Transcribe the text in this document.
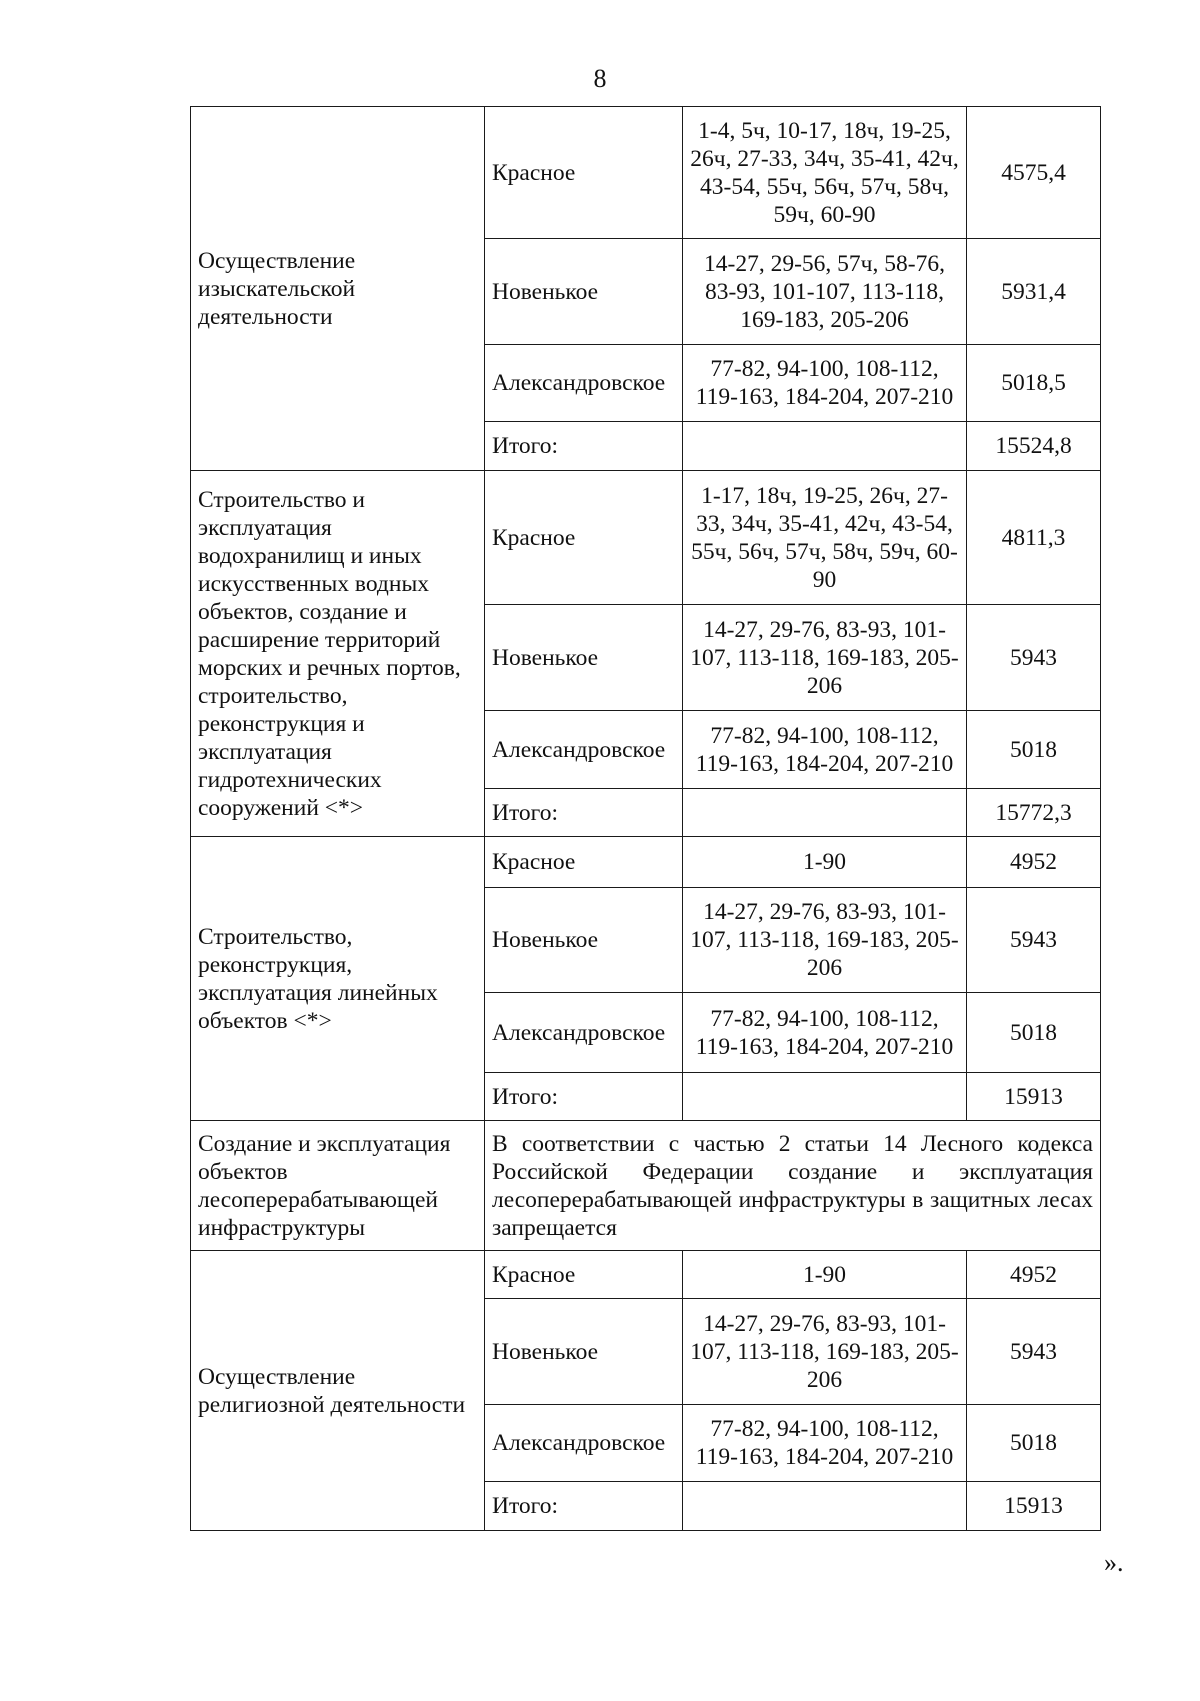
8
Осуществление изыскательской деятельности	Красное	1-4, 5ч, 10-17, 18ч, 19-25, 26ч, 27-33, 34ч, 35-41, 42ч, 43-54, 55ч, 56ч, 57ч, 58ч, 59ч, 60-90	4575,4
	Новенькое	14-27, 29-56, 57ч, 58-76, 83-93, 101-107, 113-118, 169-183, 205-206	5931,4
	Александровское	77-82, 94-100, 108-112, 119-163, 184-204, 207-210	5018,5
	Итого:		15524,8
Строительство и эксплуатация водохранилищ и иных искусственных водных объектов, создание и расширение территорий морских и речных портов, строительство, реконструкция и эксплуатация гидротехнических сооружений <*>	Красное	1-17, 18ч, 19-25, 26ч, 27-33, 34ч, 35-41, 42ч, 43-54, 55ч, 56ч, 57ч, 58ч, 59ч, 60-90	4811,3
	Новенькое	14-27, 29-76, 83-93, 101-107, 113-118, 169-183, 205-206	5943
	Александровское	77-82, 94-100, 108-112, 119-163, 184-204, 207-210	5018
	Итого:		15772,3
Строительство, реконструкция, эксплуатация линейных объектов <*>	Красное	1-90	4952
	Новенькое	14-27, 29-76, 83-93, 101-107, 113-118, 169-183, 205-206	5943
	Александровское	77-82, 94-100, 108-112, 119-163, 184-204, 207-210	5018
	Итого:		15913
Создание и эксплуатация объектов лесоперерабатывающей инфраструктуры	В соответствии с частью 2 статьи 14 Лесного кодекса Российской Федерации создание и эксплуатация лесоперерабатывающей инфраструктуры в защитных лесах запрещается		
Осуществление религиозной деятельности	Красное	1-90	4952
	Новенькое	14-27, 29-76, 83-93, 101-107, 113-118, 169-183, 205-206	5943
	Александровское	77-82, 94-100, 108-112, 119-163, 184-204, 207-210	5018
	Итого:		15913
».
